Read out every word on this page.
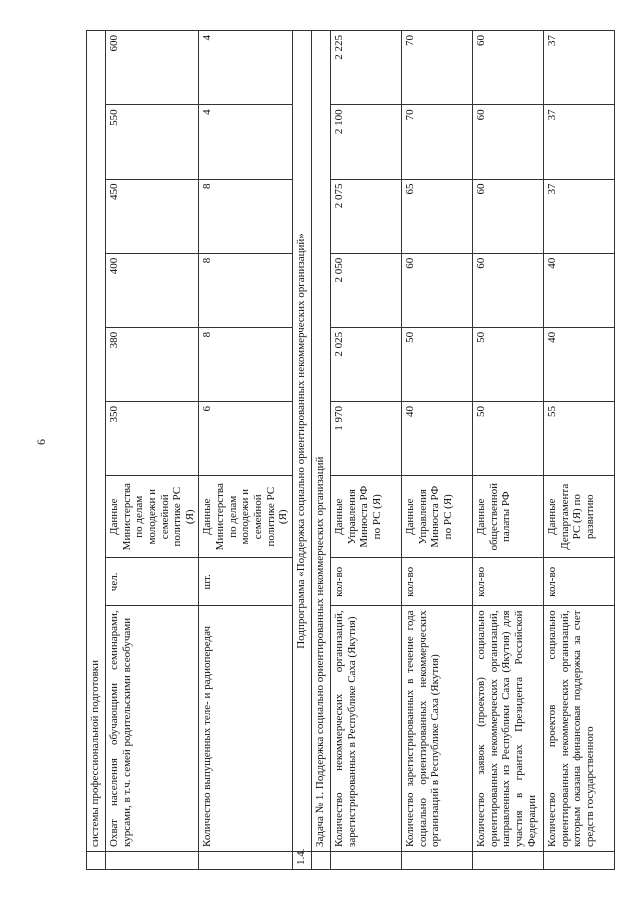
6
	системы профессиональной подготовки								
	Охват населения обучающими семинарами, курсами, в т.ч. семей родительскими всеобучами	чел.	Данные Министерства по делам молодежи и семейной политике РС (Я)	350	380	400	450	550	600
	Количество выпущенных теле- и радиопередач	шт.	Данные Министерства по делам молодежи и семейной политике РС (Я)	6	8	8	8	4	4
1.4.	Подпрограмма «Поддержка социально ориентированных некоммерческих организаций»								
	Задача № 1. Поддержка социально ориентированных некоммерческих организаций								
	Количество некоммерческих организаций, зарегистрированных в Республике Саха (Якутия)	кол-во	Данные Управления Минюста РФ по РС (Я)	1 970	2 025	2 050	2 075	2 100	2 225
	Количество зарегистрированных в течение года социально ориентированных некоммерческих организаций в Республике Саха (Якутия)	кол-во	Данные Управления Минюста РФ по РС (Я)	40	50	60	65	70	70
	Количество заявок (проектов) социально ориентированных некоммерческих организаций, направленных из Республики Саха (Якутия) для участия в грантах Президента Российской Федерации	кол-во	Данные общественной палаты РФ	50	50	60	60	60	60
	Количество проектов социально ориентированных некоммерческих организаций, которым оказана финансовая поддержка за счет средств государственного	кол-во	Данные Департамента РС (Я) по развитию	55	40	40	37	37	37
